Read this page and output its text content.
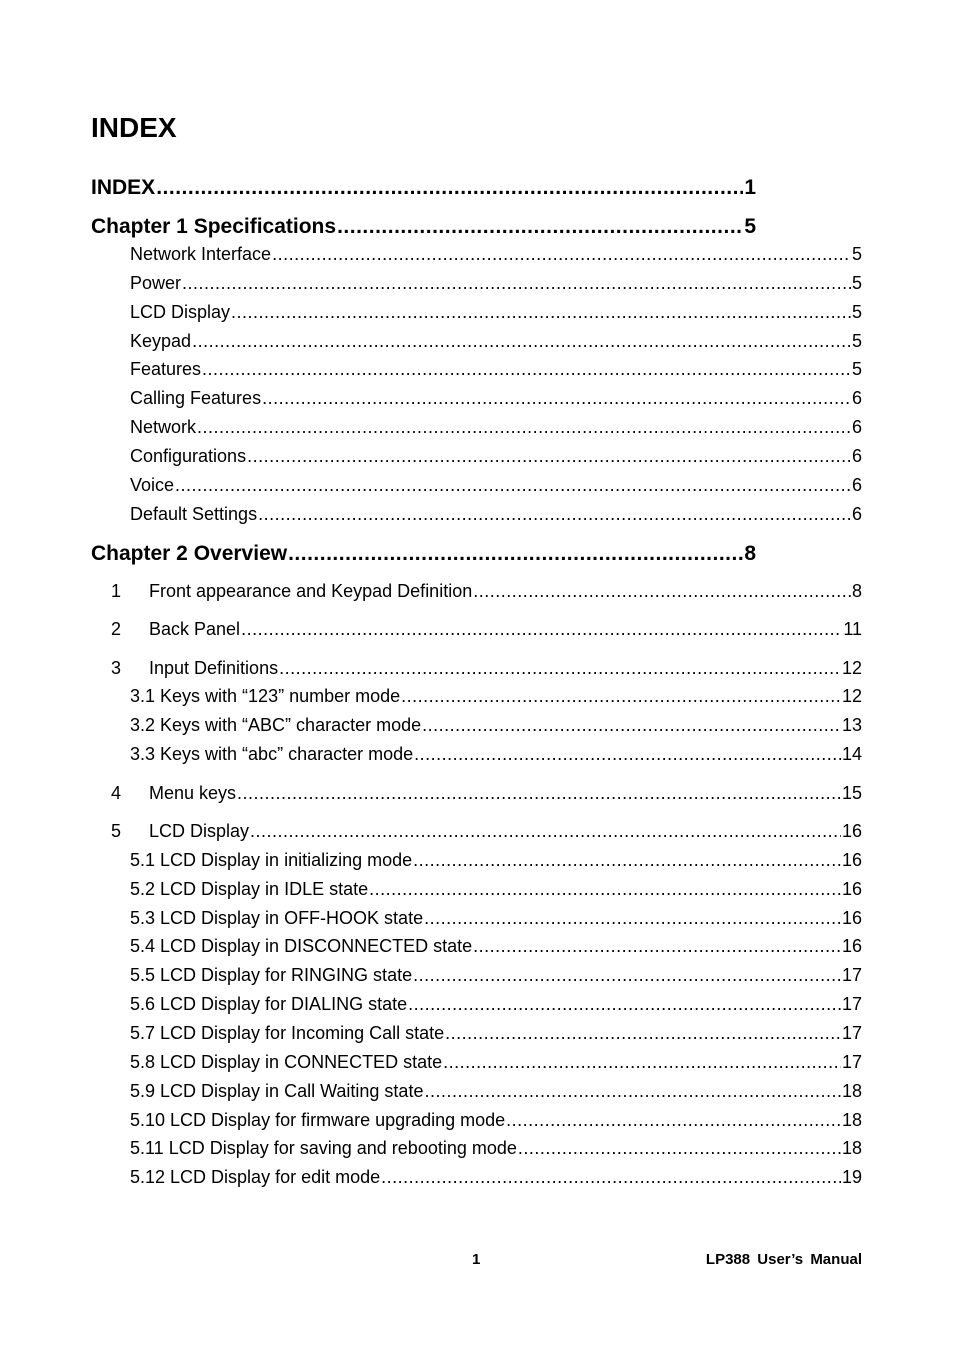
INDEX
INDEX .....	1
Chapter 1 Specifications .....	5
Network Interface .....	5
Power .....	5
LCD Display .....	5
Keypad .....	5
Features .....	5
Calling Features .....	6
Network .....	6
Configurations .....	6
Voice .....	6
Default Settings .....	6
Chapter 2 Overview .....	8
1	Front appearance and Keypad Definition .....	8
2	Back Panel .....	11
3	Input Definitions .....	12
3.1 Keys with “123” number mode .....	12
3.2 Keys with “ABC” character mode .....	13
3.3 Keys with “abc” character mode .....	14
4	Menu keys .....	15
5	LCD Display .....	16
5.1 LCD Display in initializing mode .....	16
5.2 LCD Display in IDLE state .....	16
5.3 LCD Display in OFF-HOOK state .....	16
5.4 LCD Display in DISCONNECTED state .....	16
5.5 LCD Display for RINGING state .....	17
5.6 LCD Display for DIALING state .....	17
5.7 LCD Display for Incoming Call state .....	17
5.8 LCD Display in CONNECTED state .....	17
5.9 LCD Display in Call Waiting state .....	18
5.10 LCD Display for firmware upgrading mode .....	18
5.11 LCD Display for saving and rebooting mode .....	18
5.12 LCD Display for edit mode .....	19
1	LP388 User’s Manual
